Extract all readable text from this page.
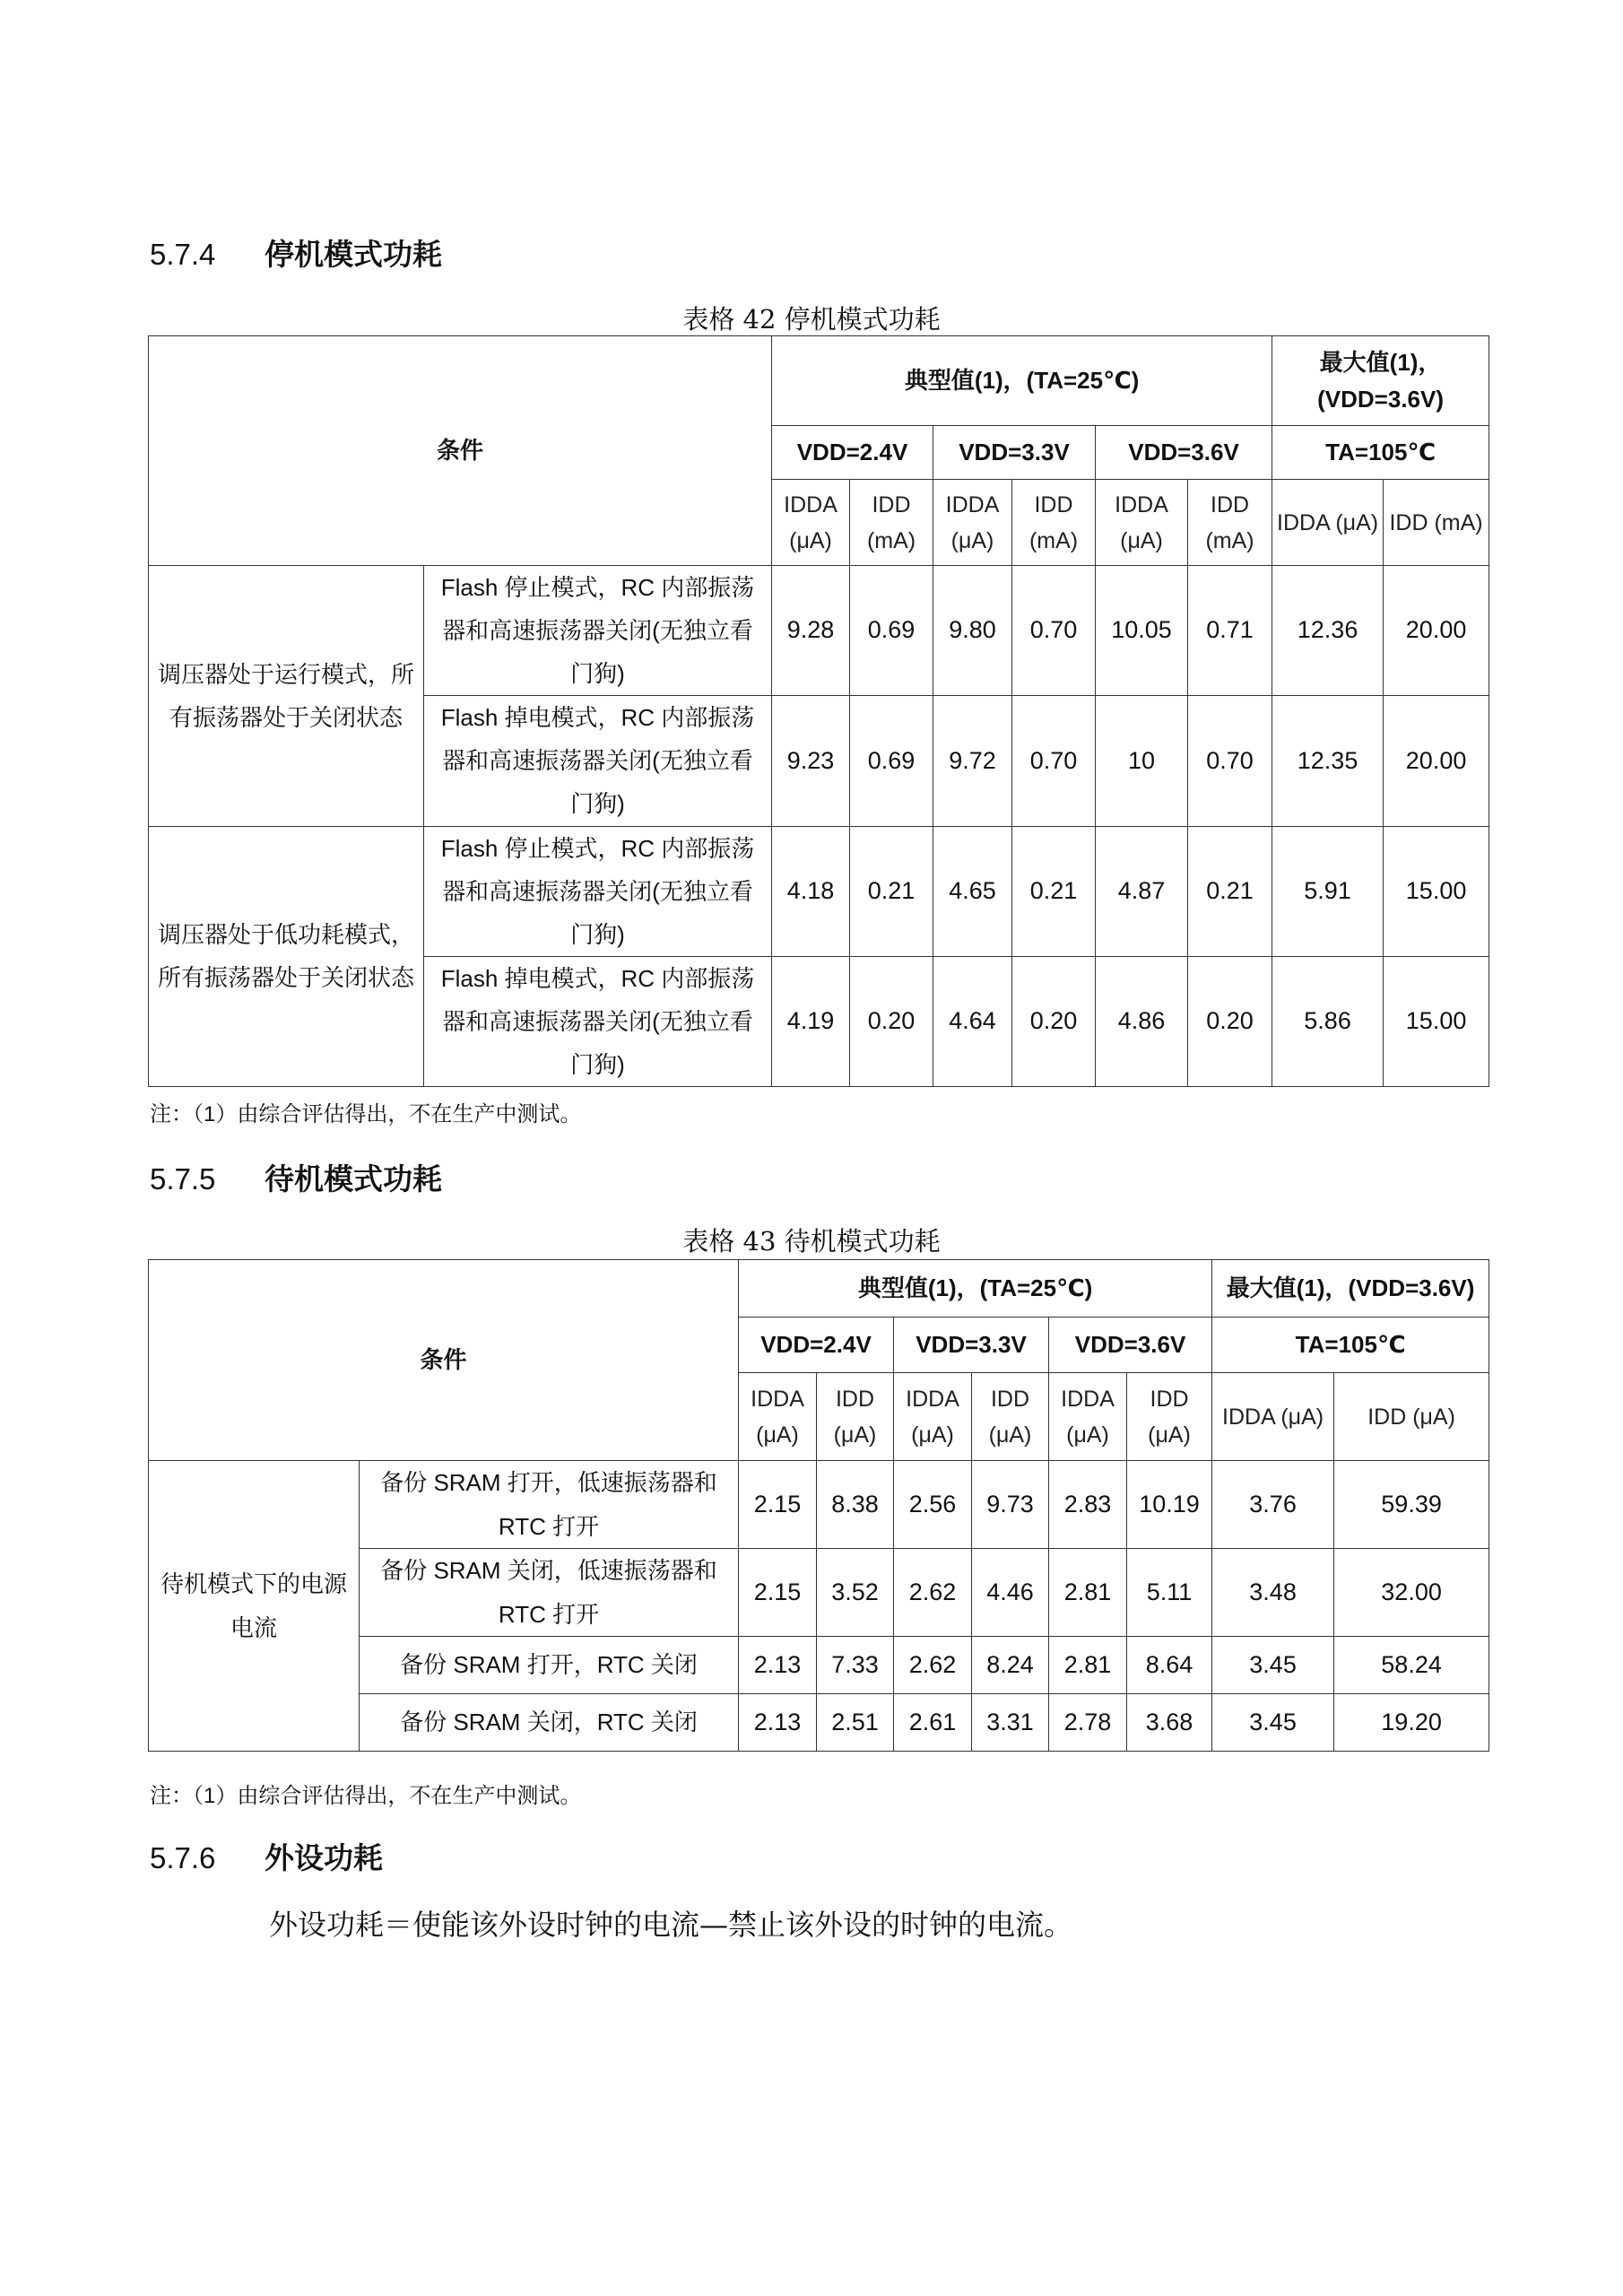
5.7.4 停机模式功耗
表格 42 停机模式功耗
条件		典型值(1)，(TA=25℃)						最大值(1)，(VDD=3.6V)	
		VDD=2.4V		VDD=3.3V		VDD=3.6V		TA=105℃	
		IDDA (μA)	IDD (mA)	IDDA (μA)	IDD (mA)	IDDA (μA)	IDD (mA)	IDDA (μA)	IDD (mA)
调压器处于运行模式，所有振荡器处于关闭状态	Flash 停止模式，RC 内部振荡器和高速振荡器关闭(无独立看门狗)	9.28	0.69	9.80	0.70	10.05	0.71	12.36	20.00
	Flash 掉电模式，RC 内部振荡器和高速振荡器关闭(无独立看门狗)	9.23	0.69	9.72	0.70	10	0.70	12.35	20.00
调压器处于低功耗模式，所有振荡器处于关闭状态	Flash 停止模式，RC 内部振荡器和高速振荡器关闭(无独立看门狗)	4.18	0.21	4.65	0.21	4.87	0.21	5.91	15.00
	Flash 掉电模式，RC 内部振荡器和高速振荡器关闭(无独立看门狗)	4.19	0.20	4.64	0.20	4.86	0.20	5.86	15.00
注：（1）由综合评估得出，不在生产中测试。
5.7.5 待机模式功耗
表格 43 待机模式功耗
条件		典型值(1)，(TA=25℃)						最大值(1)，(VDD=3.6V)	
		VDD=2.4V		VDD=3.3V		VDD=3.6V		TA=105℃	
		IDDA (μA)	IDD (μA)	IDDA (μA)	IDD (μA)	IDDA (μA)	IDD (μA)	IDDA (μA)	IDD (μA)
待机模式下的电源电流	备份 SRAM 打开，低速振荡器和 RTC 打开	2.15	8.38	2.56	9.73	2.83	10.19	3.76	59.39
	备份 SRAM 关闭，低速振荡器和 RTC 打开	2.15	3.52	2.62	4.46	2.81	5.11	3.48	32.00
	备份 SRAM 打开，RTC 关闭	2.13	7.33	2.62	8.24	2.81	8.64	3.45	58.24
	备份 SRAM 关闭，RTC 关闭	2.13	2.51	2.61	3.31	2.78	3.68	3.45	19.20
注：（1）由综合评估得出，不在生产中测试。
5.7.6 外设功耗
外设功耗＝使能该外设时钟的电流—禁止该外设的时钟的电流。
